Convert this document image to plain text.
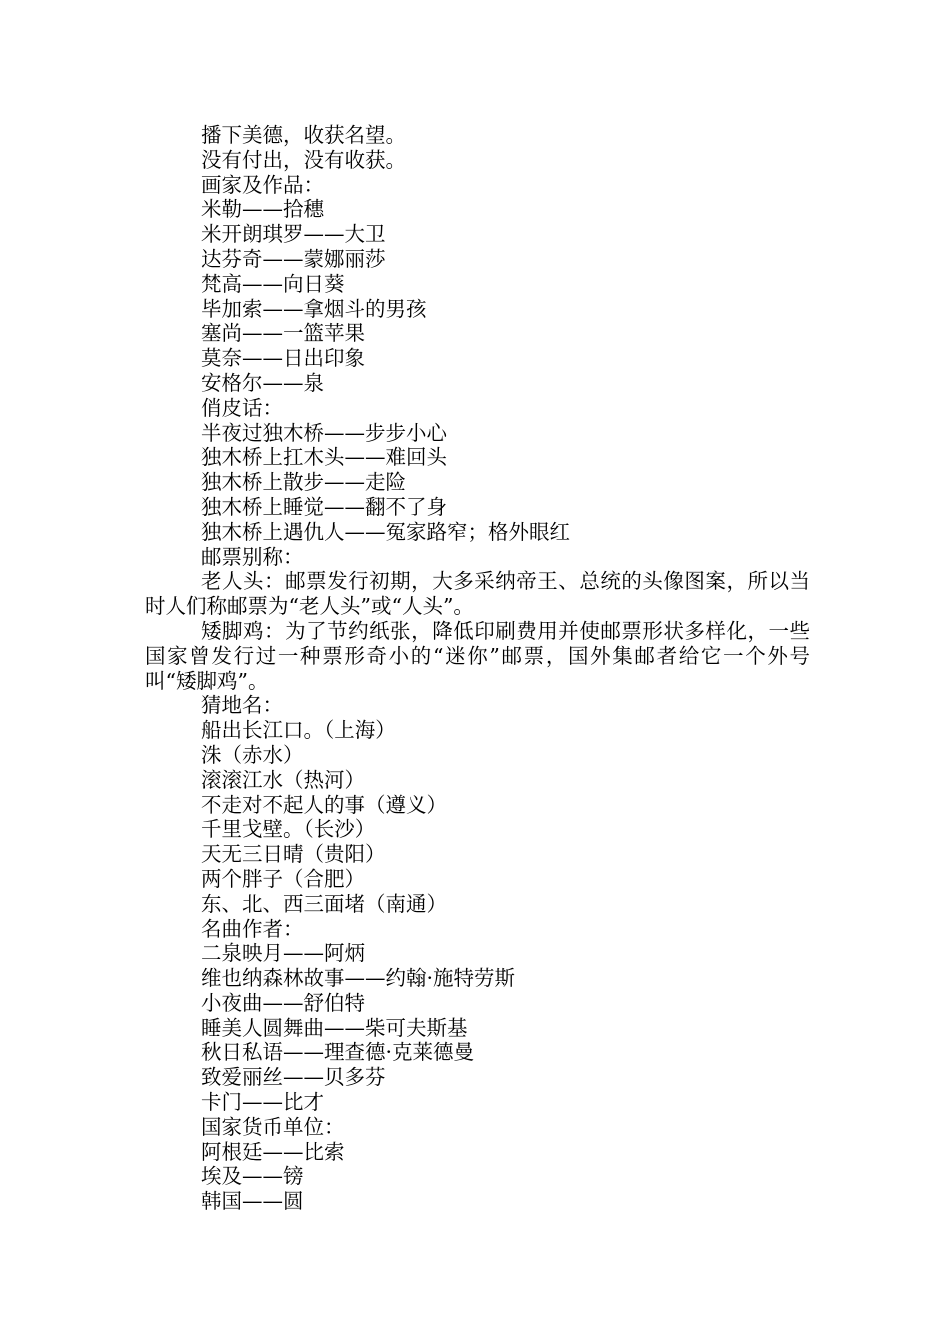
播下美德，收获名望。

没有付出，没有收获。

画家及作品：

米勒——拾穗

米开朗琪罗——大卫

达芬奇——蒙娜丽莎

梵高——向日葵

毕加索——拿烟斗的男孩

塞尚——一篮苹果

莫奈——日出印象

安格尔——泉

俏皮话：

半夜过独木桥——步步小心

独木桥上扛木头——难回头

独木桥上散步——走险

独木桥上睡觉——翻不了身

独木桥上遇仇人——冤家路窄；格外眼红

邮票别称：

老人头：邮票发行初期，大多采纳帝王、总统的头像图案，所以当时人们称邮票为“老人头”或“人头”。

矮脚鸡：为了节约纸张，降低印刷费用并使邮票形状多样化，一些国家曾发行过一种票形奇小的“迷你”邮票，国外集邮者给它一个外号叫“矮脚鸡”。

猜地名：

船出长江口。（上海）

洙（赤水）

滚滚江水（热河）

不走对不起人的事（遵义）

千里戈壁。（长沙）

天无三日晴（贵阳）

两个胖子（合肥）

东、北、西三面堵（南通）

名曲作者：

二泉映月——阿炳

维也纳森林故事——约翰·施特劳斯

小夜曲——舒伯特

睡美人圆舞曲——柴可夫斯基

秋日私语——理查德·克莱德曼

致爱丽丝——贝多芬

卡门——比才

国家货币单位：

阿根廷——比索

埃及——镑

韩国——圆
